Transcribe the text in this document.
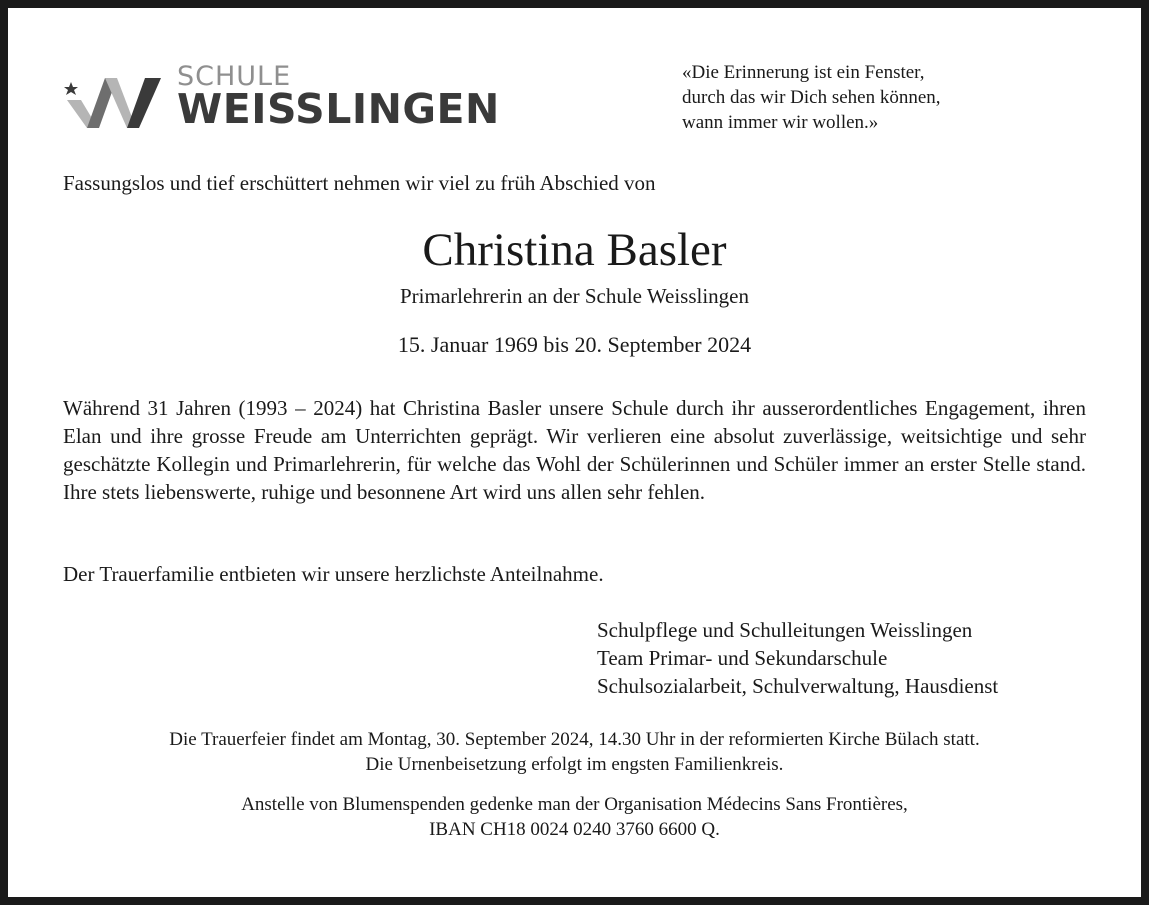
SCHULE
WEISSLINGEN
«Die Erinnerung ist ein Fenster,
durch das wir Dich sehen können,
wann immer wir wollen.»
Fassungslos und tief erschüttert nehmen wir viel zu früh Abschied von
Christina Basler
Primarlehrerin an der Schule Weisslingen
15. Januar 1969 bis 20. September 2024
Während 31 Jahren (1993 – 2024) hat Christina Basler unsere Schule durch ihr ausserordentliches Engagement, ihren Elan und ihre grosse Freude am Unterrichten geprägt. Wir verlieren eine absolut zuverlässige, weitsichtige und sehr geschätzte Kollegin und Primarlehrerin, für welche das Wohl der Schülerinnen und Schüler immer an erster Stelle stand. Ihre stets liebenswerte, ruhige und besonnene Art wird uns allen sehr fehlen.
Der Trauerfamilie entbieten wir unsere herzlichste Anteilnahme.
Schulpflege und Schulleitungen Weisslingen
Team Primar- und Sekundarschule
Schulsozialarbeit, Schulverwaltung, Hausdienst
Die Trauerfeier findet am Montag, 30. September 2024, 14.30 Uhr in der reformierten Kirche Bülach statt.
Die Urnenbeisetzung erfolgt im engsten Familienkreis.
Anstelle von Blumenspenden gedenke man der Organisation Médecins Sans Frontières,
IBAN CH18 0024 0240 3760 6600 Q.
